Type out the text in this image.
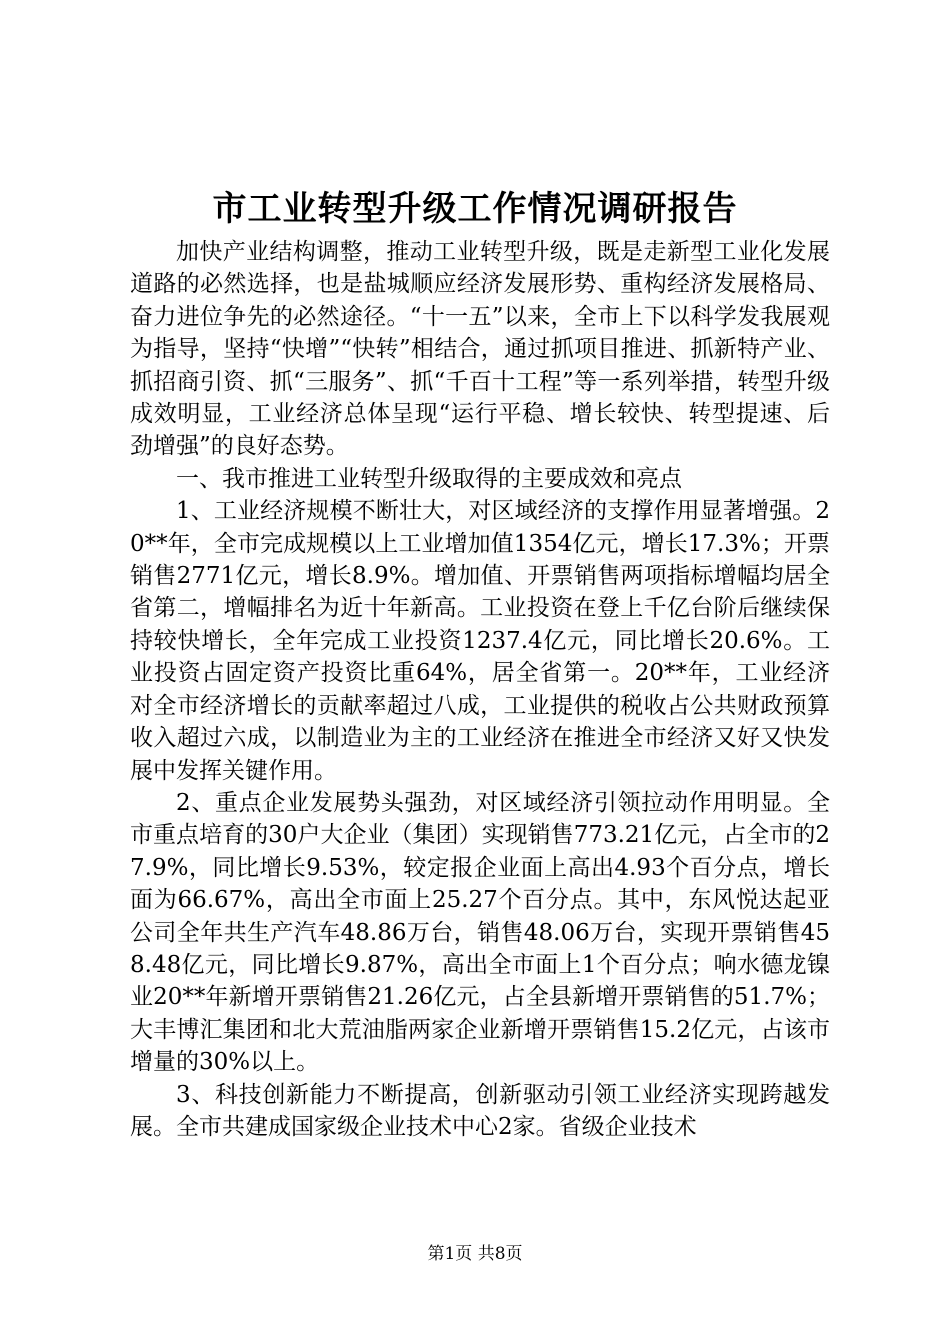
市工业转型升级工作情况调研报告

加快产业结构调整，推动工业转型升级，既是走新型工业化发展道路的必然选择，也是盐城顺应经济发展形势、重构经济发展格局、奋力进位争先的必然途径。“十一五”以来，全市上下以科学发我展观为指导，坚持“快增”“快转”相结合，通过抓项目推进、抓新特产业、抓招商引资、抓“三服务”、抓“千百十工程”等一系列举措，转型升级成效明显，工业经济总体呈现“运行平稳、增长较快、转型提速、后劲增强”的良好态势。

一、我市推进工业转型升级取得的主要成效和亮点

1、工业经济规模不断壮大，对区域经济的支撑作用显著增强。20**年，全市完成规模以上工业增加值1354亿元，增长17.3%；开票销售2771亿元，增长8.9%。增加值、开票销售两项指标增幅均居全省第二，增幅排名为近十年新高。工业投资在登上千亿台阶后继续保持较快增长，全年完成工业投资1237.4亿元，同比增长20.6%。工业投资占固定资产投资比重64%，居全省第一。20**年，工业经济对全市经济增长的贡献率超过八成，工业提供的税收占公共财政预算收入超过六成，以制造业为主的工业经济在推进全市经济又好又快发展中发挥关键作用。

2、重点企业发展势头强劲，对区域经济引领拉动作用明显。全市重点培育的30户大企业（集团）实现销售773.21亿元，占全市的27.9%，同比增长9.53%，较定报企业面上高出4.93个百分点，增长面为66.67%，高出全市面上25.27个百分点。其中，东风悦达起亚公司全年共生产汽车48.86万台，销售48.06万台，实现开票销售458.48亿元，同比增长9.87%，高出全市面上1个百分点；响水德龙镍业20**年新增开票销售21.26亿元，占全县新增开票销售的51.7%；大丰博汇集团和北大荒油脂两家企业新增开票销售15.2亿元，占该市增量的30%以上。

3、科技创新能力不断提高，创新驱动引领工业经济实现跨越发展。全市共建成国家级企业技术中心2家。省级企业技术

第1页 共8页
